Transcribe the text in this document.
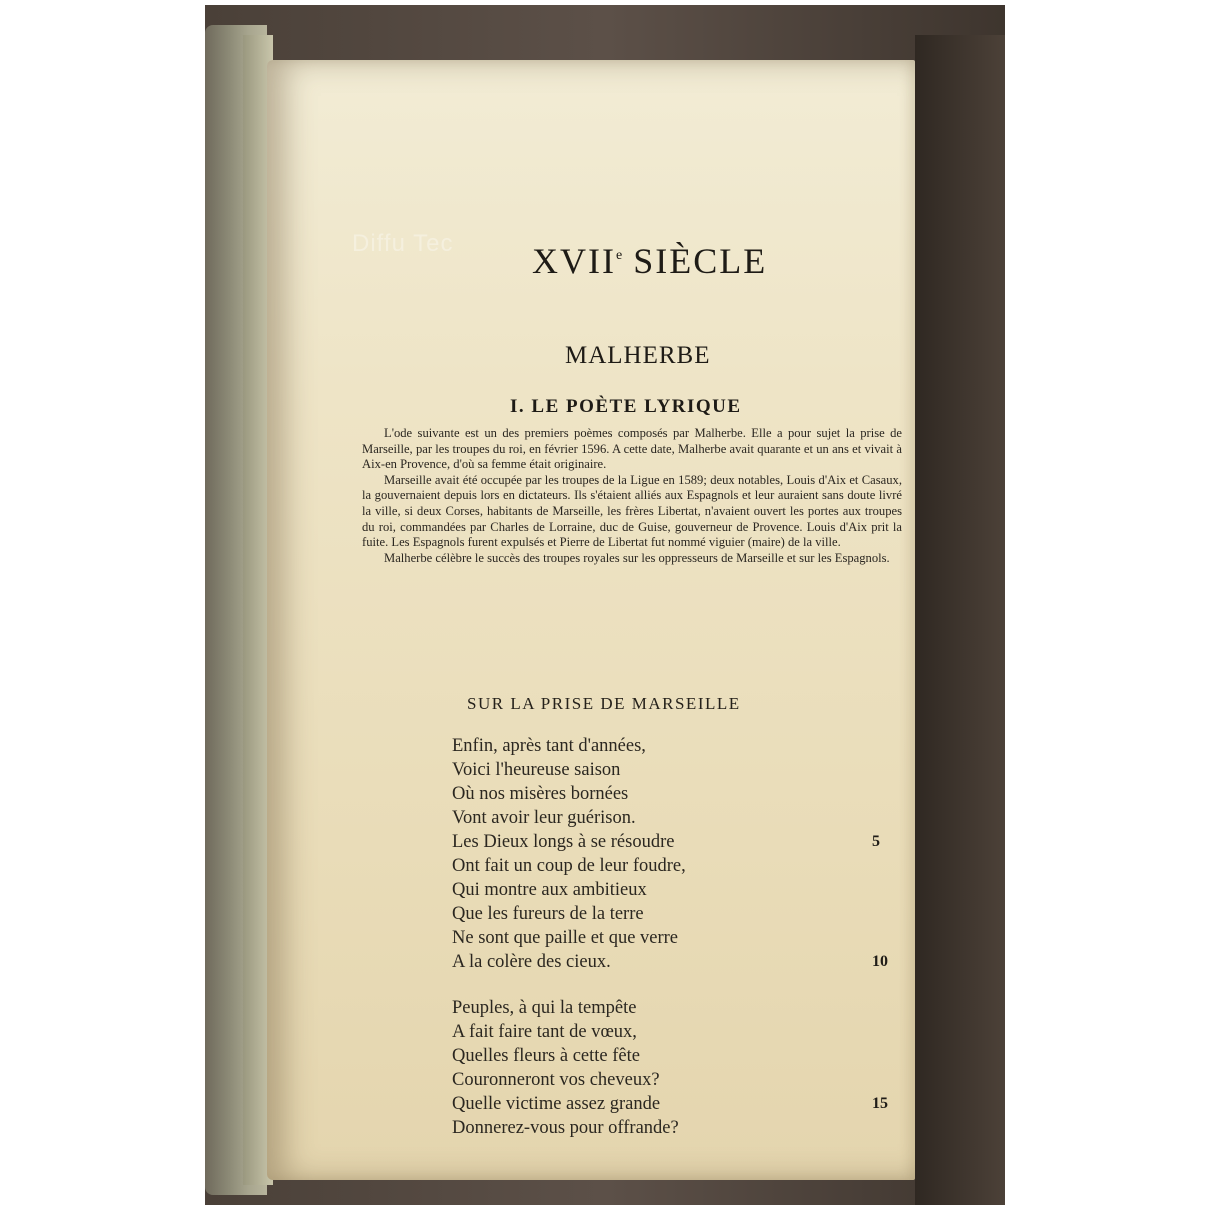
Diffu Tec XVIIe SIÈCLE
MALHERBE
I. LE POÈTE LYRIQUE

L'ode suivante est un des premiers poèmes composés par Malherbe. Elle a pour sujet la prise de Marseille, par les troupes du roi, en février 1596. A cette date, Malherbe avait quarante et un ans et vivait à Aix-en Provence, d'où sa femme était originaire.

Marseille avait été occupée par les troupes de la Ligue en 1589; deux notables, Louis d'Aix et Casaux, la gouvernaient depuis lors en dictateurs. Ils s'étaient alliés aux Espagnols et leur auraient sans doute livré la ville, si deux Corses, habitants de Marseille, les frères Libertat, n'avaient ouvert les portes aux troupes du roi, commandées par Charles de Lorraine, duc de Guise, gouverneur de Provence. Louis d'Aix prit la fuite. Les Espagnols furent expulsés et Pierre de Libertat fut nommé viguier (maire) de la ville.

Malherbe célèbre le succès des troupes royales sur les oppresseurs de Marseille et sur les Espagnols.

SUR LA PRISE DE MARSEILLE
Enfin, après tant d'années,
Voici l'heureuse saison
Où nos misères bornées
Vont avoir leur guérison.
Les Dieux longs à se résoudre	5
Ont fait un coup de leur foudre,
Qui montre aux ambitieux
Que les fureurs de la terre
Ne sont que paille et que verre
A la colère des cieux.	10
Peuples, à qui la tempête
A fait faire tant de vœux,
Quelles fleurs à cette fête
Couronneront vos cheveux?
Quelle victime assez grande	15
Donnerez-vous pour offrande?
